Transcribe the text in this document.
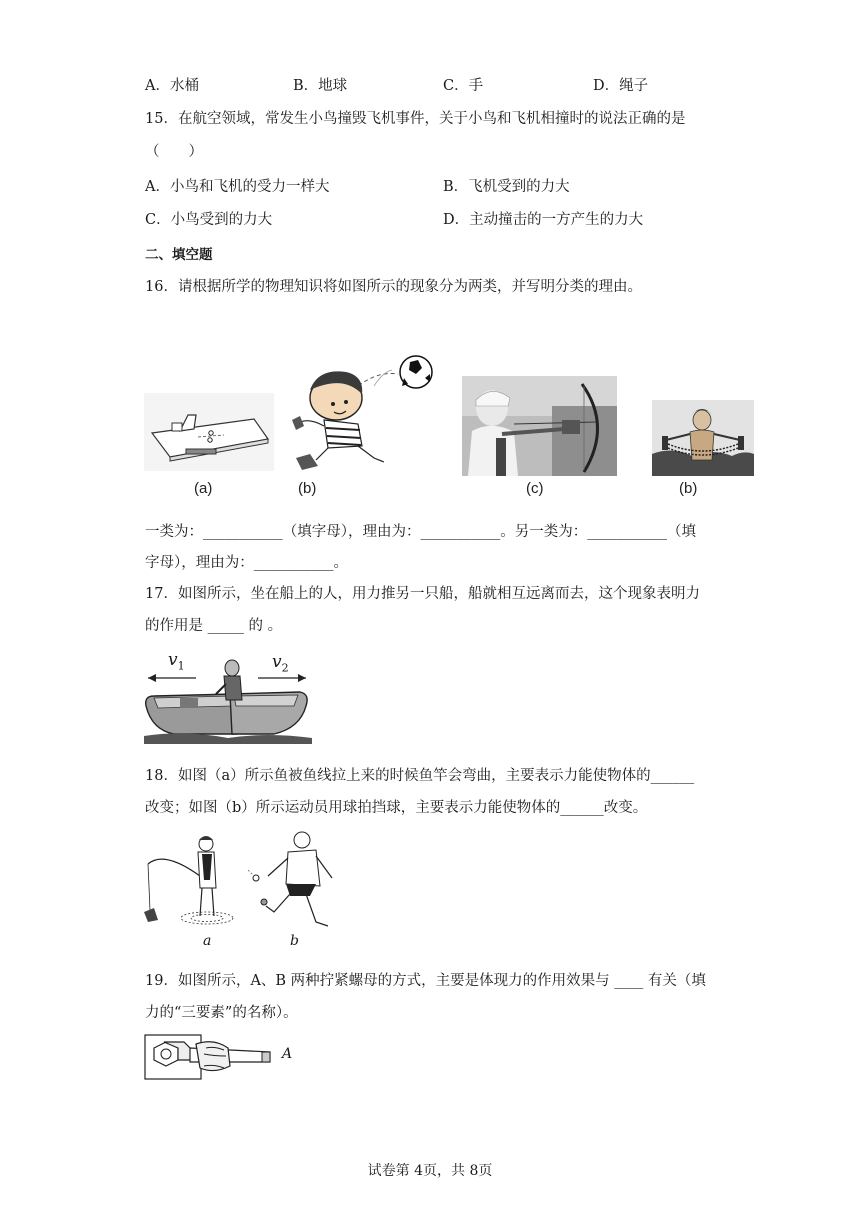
A．水桶	B．地球	C．手	D．绳子
15．在航空领域，常发生小鸟撞毁飞机事件，关于小鸟和飞机相撞时的说法正确的是
（　　）
A．小鸟和飞机的受力一样大	B．飞机受到的力大
C．小鸟受到的力大	D．主动撞击的一方产生的力大
二、填空题
16．请根据所学的物理知识将如图所示的现象分为两类，并写明分类的理由。
(a)	(b)	(c)	(b)
一类为：___________（填字母），理由为：___________。另一类为：___________（填
字母），理由为：___________。
17．如图所示，坐在船上的人，用力推另一只船，船就相互远离而去，这个现象表明力
的作用是 _____ 的 。
$v_1$	$v_2$
18．如图（a）所示鱼被鱼线拉上来的时候鱼竿会弯曲，主要表示力能使物体的______
改变；如图（b）所示运动员用球拍挡球，主要表示力能使物体的______改变。
a	b
19．如图所示，A、B 两种拧紧螺母的方式，主要是体现力的作用效果与 ____ 有关（填
力的“三要素”的名称）。
A
试卷第 4页，共 8页
